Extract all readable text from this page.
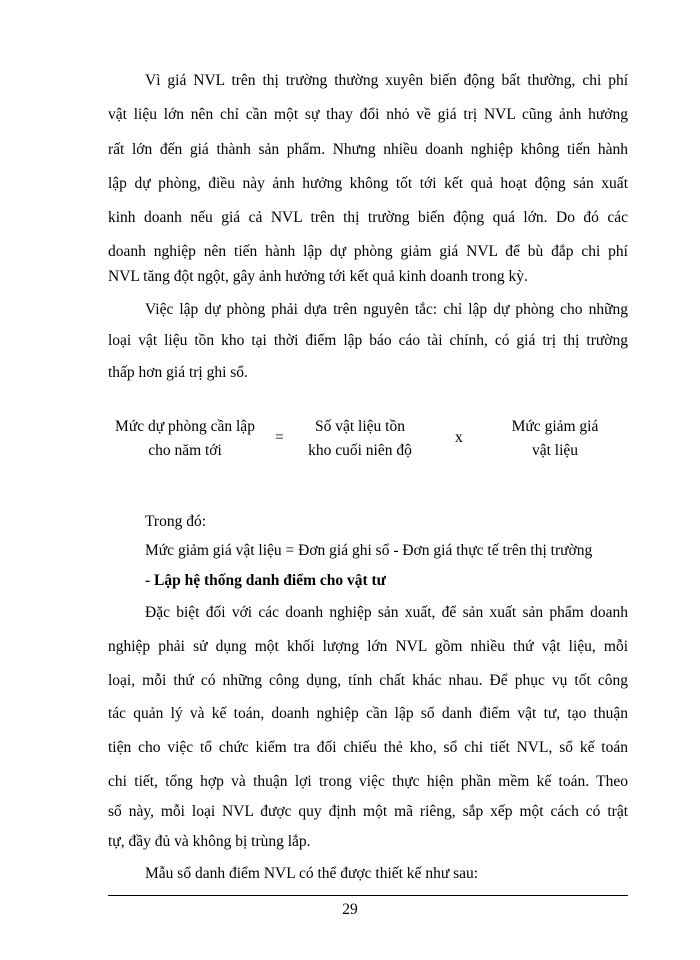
Vì giá NVL trên thị trường thường xuyên biến động bất thường, chi phí
vật liệu lớn nên chỉ cần một sự thay đổi nhỏ về giá trị NVL cũng ảnh hưởng
rất lớn đến giá thành sản phẩm. Nhưng nhiều doanh nghiệp không tiến hành
lập dự phòng, điều này ảnh hưởng không tốt tới kết quả hoạt động sản xuất
kinh doanh nếu giá cả NVL trên thị trường biến động quá lớn. Do đó các
doanh nghiệp nên tiến hành lập dự phòng giảm giá NVL để bù đắp chi phí
NVL tăng đột ngột, gây ảnh hưởng tới kết quả kinh doanh trong kỳ.
Việc lập dự phòng phải dựa trên nguyên tắc: chỉ lập dự phòng cho những
loại vật liệu tồn kho tại thời điểm lập báo cáo tài chính, có giá trị thị trường
thấp hơn giá trị ghi sổ.
Mức dự phòng cần lập
cho năm tới
=
Số vật liệu tồn
kho cuối niên độ
x
Mức giảm giá
vật liệu
Trong đó:
Mức giảm giá vật liệu = Đơn giá ghi sổ - Đơn giá thực tế trên thị trường
- Lập hệ thống danh điểm cho vật tư
Đặc biệt đối với các doanh nghiệp sản xuất, để sản xuất sản phẩm doanh
nghiệp phải sử dụng một khối lượng lớn NVL gồm nhiều thứ vật liệu, mỗi
loại, mỗi thứ có những công dụng, tính chất khác nhau. Để phục vụ tốt công
tác quản lý và kế toán, doanh nghiệp cần lập sổ danh điểm vật tư, tạo thuận
tiện cho việc tổ chức kiểm tra đối chiếu thẻ kho, sổ chi tiết NVL, sổ kế toán
chi tiết, tổng hợp và thuận lợi trong việc thực hiện phần mềm kế toán. Theo
sổ này, mỗi loại NVL được quy định một mã riêng, sắp xếp một cách có trật
tự, đầy đủ và không bị trùng lắp.
Mẫu sổ danh điểm NVL có thể được thiết kế như sau:
29
